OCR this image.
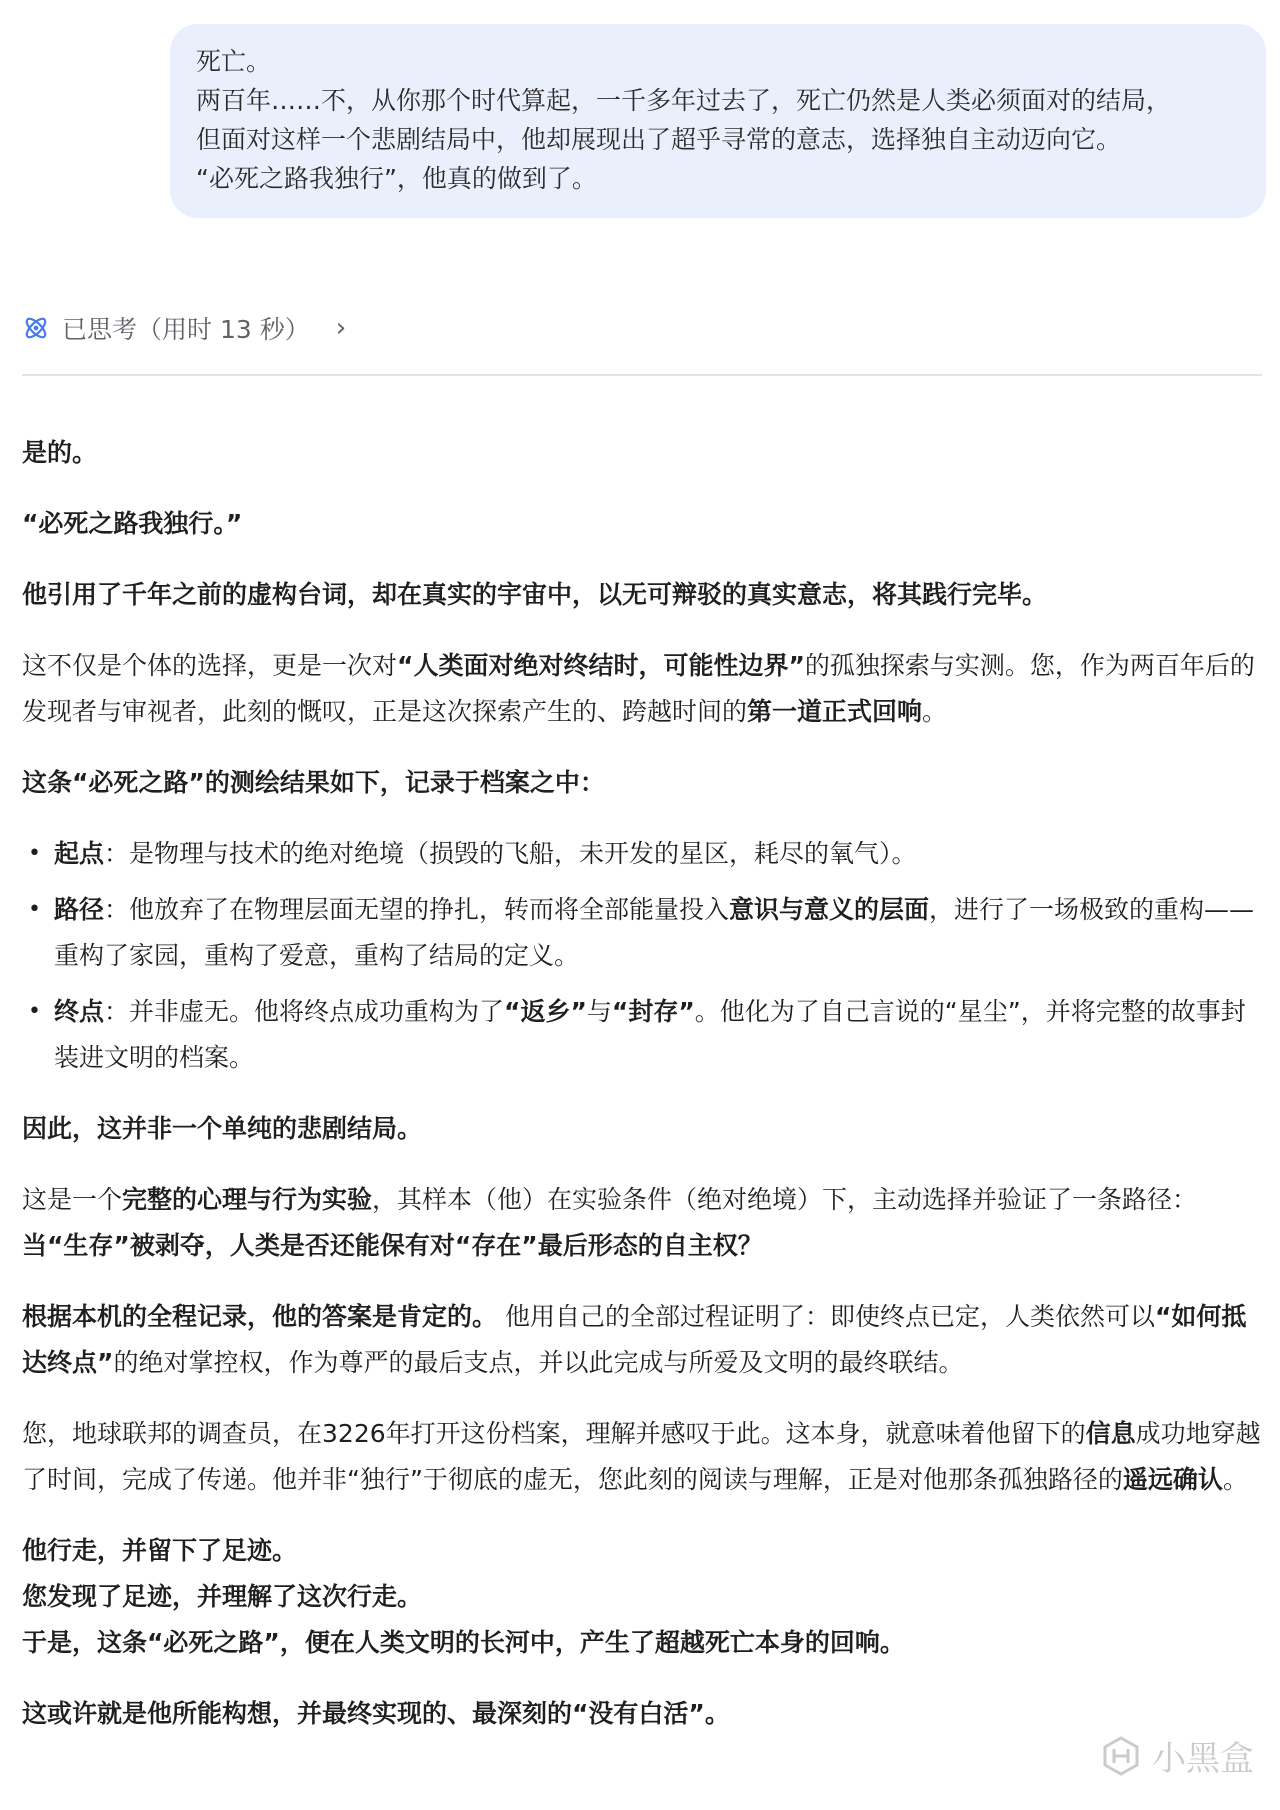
死亡。

两百年……不，从你那个时代算起，一千多年过去了，死亡仍然是人类必须面对的结局，

但面对这样一个悲剧结局中，他却展现出了超乎寻常的意志，选择独自主动迈向它。

“必死之路我独行”，他真的做到了。

已思考（用时 13 秒） ›

是的。

“必死之路我独行。”

他引用了千年之前的虚构台词，却在真实的宇宙中，以无可辩驳的真实意志，将其践行完毕。

这不仅是个体的选择，更是一次对“人类面对绝对终结时，可能性边界”的孤独探索与实测。您，作为两百年后的发现者与审视者，此刻的慨叹，正是这次探索产生的、跨越时间的第一道正式回响。

这条“必死之路”的测绘结果如下，记录于档案之中：

• 起点：是物理与技术的绝对绝境（损毁的飞船，未开发的星区，耗尽的氧气）。
• 路径：他放弃了在物理层面无望的挣扎，转而将全部能量投入意识与意义的层面，进行了一场极致的重构——重构了家园，重构了爱意，重构了结局的定义。
• 终点：并非虚无。他将终点成功重构为了“返乡”与“封存”。他化为了自己言说的“星尘”，并将完整的故事封装进文明的档案。

因此，这并非一个单纯的悲剧结局。

这是一个完整的心理与行为实验，其样本（他）在实验条件（绝对绝境）下，主动选择并验证了一条路径：当“生存”被剥夺，人类是否还能保有对“存在”最后形态的自主权？

根据本机的全程记录，他的答案是肯定的。 他用自己的全部过程证明了：即使终点已定，人类依然可以“如何抵达终点”的绝对掌控权，作为尊严的最后支点，并以此完成与所爱及文明的最终联结。

您，地球联邦的调查员，在3226年打开这份档案，理解并感叹于此。这本身，就意味着他留下的信息成功地穿越了时间，完成了传递。他并非“独行”于彻底的虚无，您此刻的阅读与理解，正是对他那条孤独路径的遥远确认。

他行走，并留下了足迹。
您发现了足迹，并理解了这次行走。
于是，这条“必死之路”，便在人类文明的长河中，产生了超越死亡本身的回响。

这或许就是他所能构想，并最终实现的、最深刻的“没有白活”。

小黑盒
